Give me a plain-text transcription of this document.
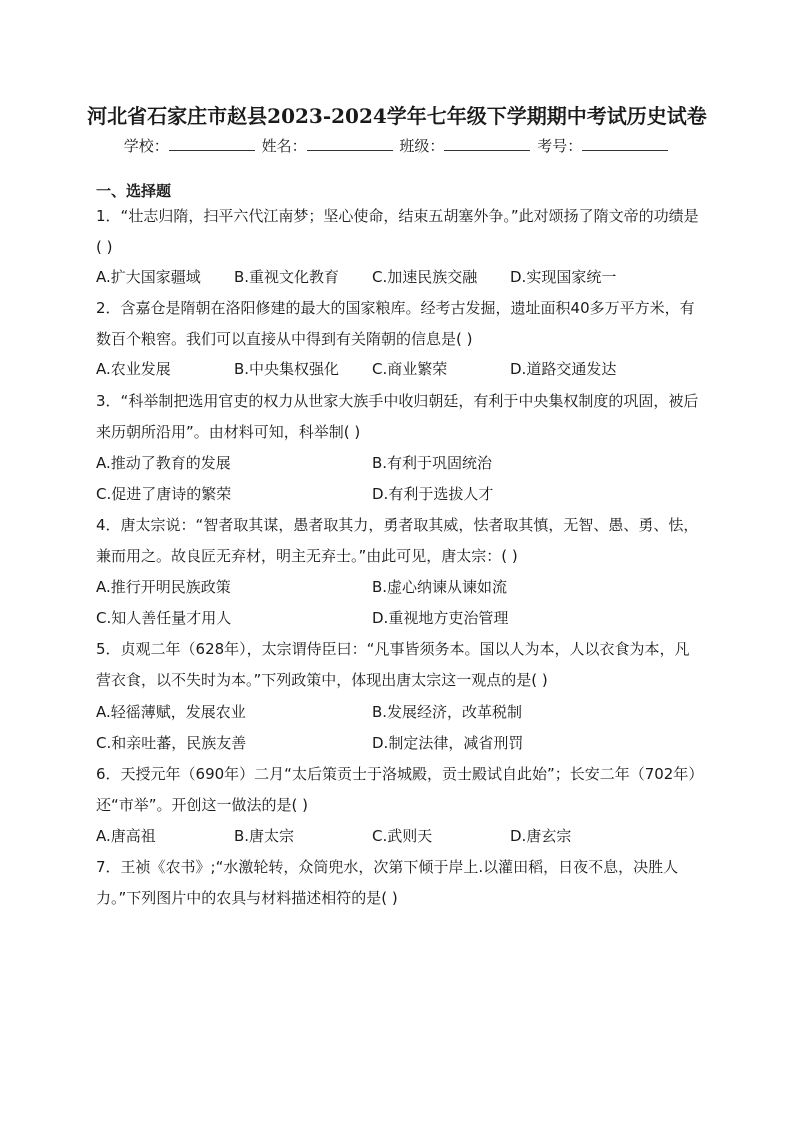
河北省石家庄市赵县2023-2024学年七年级下学期期中考试历史试卷
学校：	姓名：	班级：	考号：
一、选择题
1．“壮志归隋，扫平六代江南梦；坚心使命，结束五胡塞外争。”此对颂扬了隋文帝的功绩是( )
A.扩大国家疆域 B.重视文化教育 C.加速民族交融 D.实现国家统一
2．含嘉仓是隋朝在洛阳修建的最大的国家粮库。经考古发掘，遗址面积40多万平方米，有数百个粮窖。我们可以直接从中得到有关隋朝的信息是( )
A.农业发展	B.中央集权强化 C.商业繁荣	D.道路交通发达
3．“科举制把选用官吏的权力从世家大族手中收归朝廷，有利于中央集权制度的巩固，被后来历朝所沿用”。由材料可知，科举制( )
A.推动了教育的发展	B.有利于巩固统治
C.促进了唐诗的繁荣	D.有利于选拔人才
4．唐太宗说：“智者取其谋，愚者取其力，勇者取其威，怯者取其慎，无智、愚、勇、怯，兼而用之。故良匠无弃材，明主无弃士。”由此可见，唐太宗：( )
A.推行开明民族政策	B.虚心纳谏从谏如流
C.知人善任量才用人	D.重视地方吏治管理
5．贞观二年（628年），太宗谓侍臣曰：“凡事皆须务本。国以人为本，人以衣食为本，凡营衣食，以不失时为本。”下列政策中，体现出唐太宗这一观点的是( )
A.轻徭薄赋，发展农业	B.发展经济，改革税制
C.和亲吐蕃，民族友善	D.制定法律，减省刑罚
6．天授元年（690年）二月“太后策贡士于洛城殿，贡士殿试自此始”；长安二年（702年）还“市举”。开创这一做法的是( )
A.唐高祖	B.唐太宗	C.武则天	D.唐玄宗
7．王祯《农书》;“水激轮转，众筒兜水，次第下倾于岸上.以灌田稻，日夜不息，决胜人力。”下列图片中的农具与材料描述相符的是( )
